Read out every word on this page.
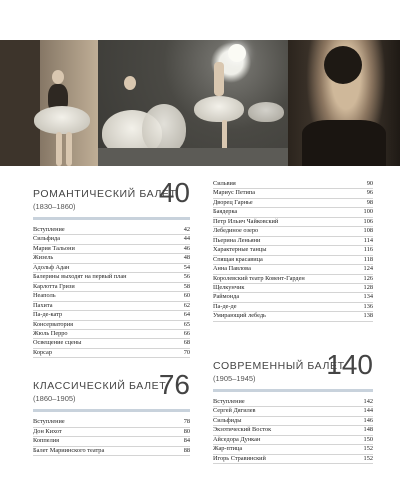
РОМАНТИЧЕСКИЙ БАЛЕТ
(1830–1860)	40
Вступление	42
Сильфида	44
Мария Тальони	46
Жизель	48
Адольф Адан	54
Балерины выходят на первый план	56
Карлотта Гризи	58
Неаполь	60
Пахита	62
Па-де-катр	64
Консерватория	65
Жюль Перро	66
Освещение сцены	68
Корсар	70
КЛАССИЧЕСКИЙ БАЛЕТ
(1860–1905)	76
Вступление	78
Дон Кихот	80
Коппелия	84
Балет Мариинского театра	88
Сильвия	90
Мариус Петипа	96
Дворец Гарнье	98
Баядерка	100
Петр Ильич Чайковский	106
Лебединое озеро	108
Пьерина Леньяни	114
Характерные танцы	116
Спящая красавица	118
Анна Павлова	124
Королевский театр Ковент-Гарден	126
Щелкунчик	128
Раймонда	134
Па-де-де	136
Умирающий лебедь	138
СОВРЕМЕННЫЙ БАЛЕТ
(1905–1945)	140
Вступление	142
Сергей Дягилев	144
Сильфиды	146
Экзотический Восток	148
Айседора Дункан	150
Жар-птица	152
Игорь Стравинский	152
